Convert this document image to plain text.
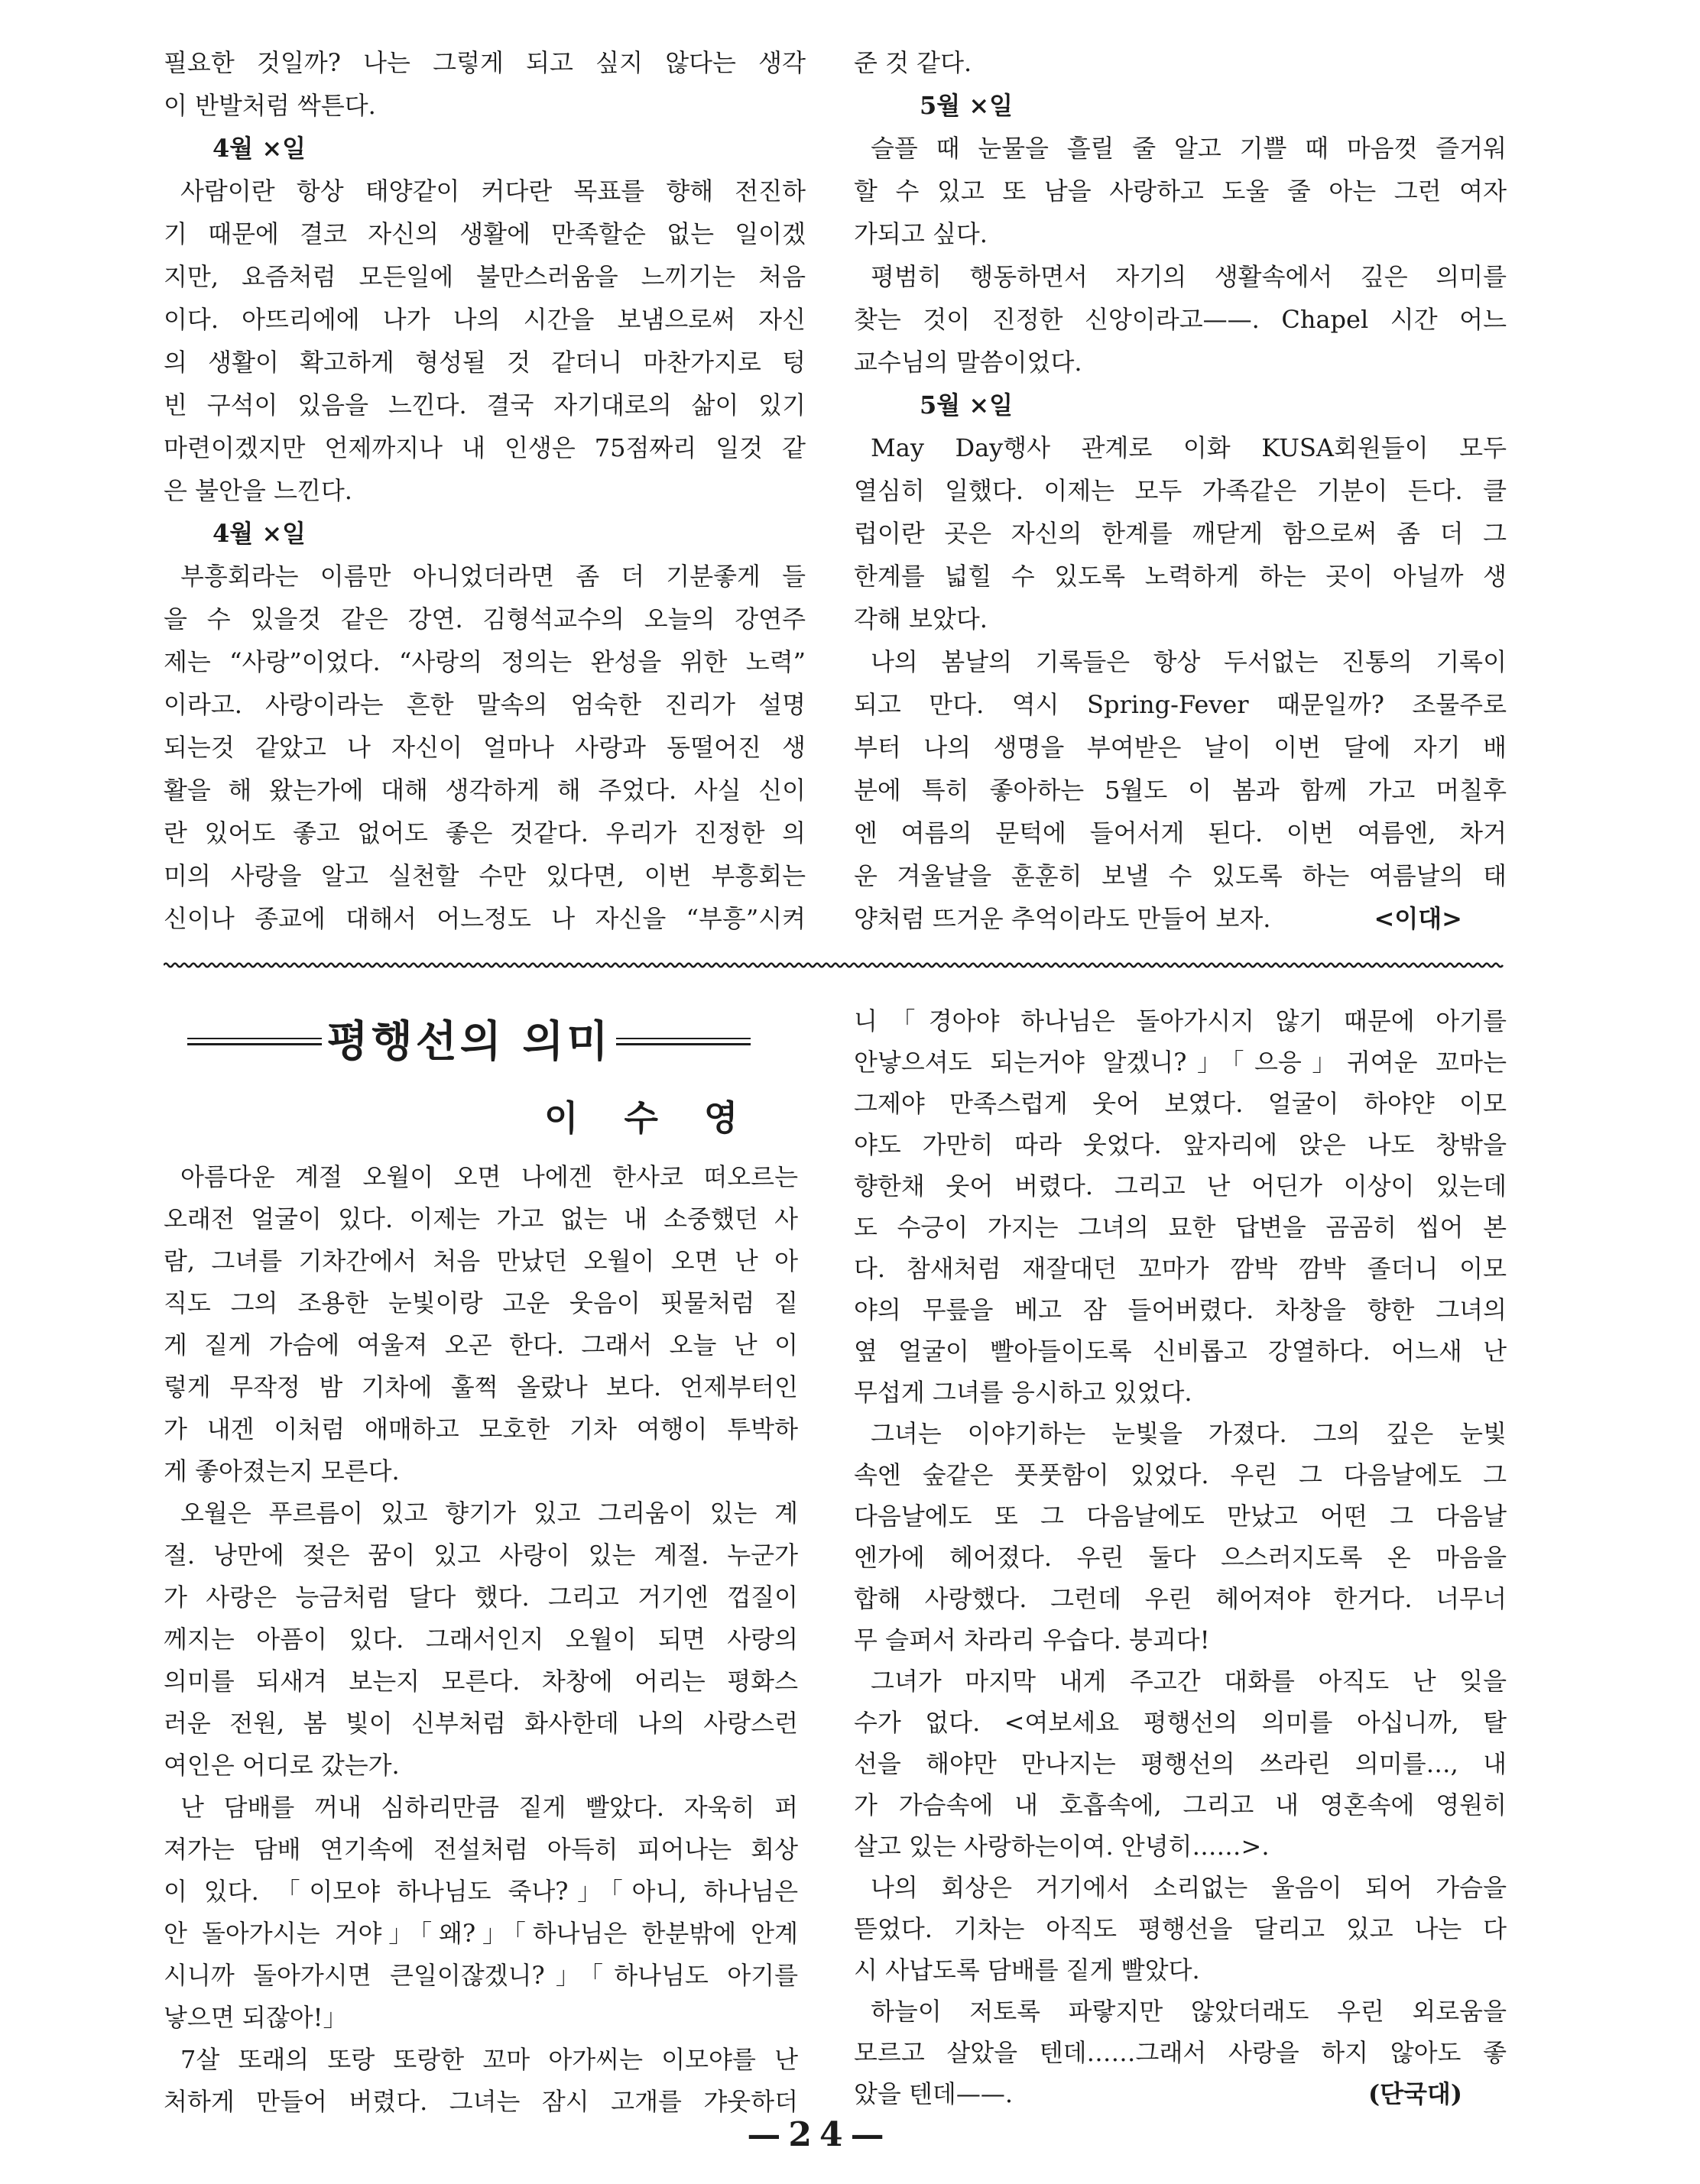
필요한 것일까? 나는 그렇게 되고 싶지 않다는 생각
이 반발처럼 싹튼다.
4월 ×일
사람이란 항상 태양같이 커다란 목표를 향해 전진하
기 때문에 결코 자신의 생활에 만족할순 없는 일이겠
지만, 요즘처럼 모든일에 불만스러움을 느끼기는 처음
이다. 아뜨리에에 나가 나의 시간을 보냄으로써 자신
의 생활이 확고하게 형성될 것 같더니 마찬가지로 텅
빈 구석이 있음을 느낀다. 결국 자기대로의 삶이 있기
마련이겠지만 언제까지나 내 인생은 75점짜리 일것 같
은 불안을 느낀다.
4월 ×일
부흥회라는 이름만 아니었더라면 좀 더 기분좋게 들
을 수 있을것 같은 강연. 김형석교수의 오늘의 강연주
제는 “사랑”이었다. “사랑의 정의는 완성을 위한 노력”
이라고. 사랑이라는 흔한 말속의 엄숙한 진리가 설명
되는것 같았고 나 자신이 얼마나 사랑과 동떨어진 생
활을 해 왔는가에 대해 생각하게 해 주었다. 사실 신이
란 있어도 좋고 없어도 좋은 것같다. 우리가 진정한 의
미의 사랑을 알고 실천할 수만 있다면, 이번 부흥회는
신이나 종교에 대해서 어느정도 나 자신을 “부흥”시켜
준 것 같다.
5월 ×일
슬플 때 눈물을 흘릴 줄 알고 기쁠 때 마음껏 즐거워
할 수 있고 또 남을 사랑하고 도울 줄 아는 그런 여자
가되고 싶다.
평범히 행동하면서 자기의 생활속에서 깊은 의미를
찾는 것이 진정한 신앙이라고——. Chapel 시간 어느
교수님의 말씀이었다.
5월 ×일
May Day행사 관계로 이화 KUSA회원들이 모두
열심히 일했다. 이제는 모두 가족같은 기분이 든다. 클
럽이란 곳은 자신의 한계를 깨닫게 함으로써 좀 더 그
한계를 넓힐 수 있도록 노력하게 하는 곳이 아닐까 생
각해 보았다.
나의 봄날의 기록들은 항상 두서없는 진통의 기록이
되고 만다. 역시 Spring-Fever 때문일까? 조물주로
부터 나의 생명을 부여받은 날이 이번 달에 자기 배
분에 특히 좋아하는 5월도 이 봄과 함께 가고 머칠후
엔 여름의 문턱에 들어서게 된다. 이번 여름엔, 차거
운 겨울날을 훈훈히 보낼 수 있도록 하는 여름날의 태
양처럼 뜨거운 추억이라도 만들어 보자.	<이대>
평행선의 의미
이 수 영
아름다운 계절 오월이 오면 나에겐 한사코 떠오르는
오래전 얼굴이 있다. 이제는 가고 없는 내 소중했던 사
람, 그녀를 기차간에서 처음 만났던 오월이 오면 난 아
직도 그의 조용한 눈빛이랑 고운 웃음이 핏물처럼 짙
게 짙게 가슴에 여울져 오곤 한다. 그래서 오늘 난 이
렇게 무작정 밤 기차에 훌쩍 올랐나 보다. 언제부터인
가 내겐 이처럼 애매하고 모호한 기차 여행이 투박하
게 좋아졌는지 모른다.
오월은 푸르름이 있고 향기가 있고 그리움이 있는 계
절. 낭만에 젖은 꿈이 있고 사랑이 있는 계절. 누군가
가 사랑은 능금처럼 달다 했다. 그리고 거기엔 껍질이
께지는 아픔이 있다. 그래서인지 오월이 되면 사랑의
의미를 되새겨 보는지 모른다. 차창에 어리는 평화스
러운 전원, 봄 빛이 신부처럼 화사한데 나의 사랑스런
여인은 어디로 갔는가.
난 담배를 꺼내 심하리만큼 짙게 빨았다. 자욱히 퍼
져가는 담배 연기속에 전설처럼 아득히 피어나는 회상
이 있다. 「이모야 하나님도 죽나?」「아니, 하나님은
안 돌아가시는 거야」「왜?」「하나님은 한분밖에 안계
시니까 돌아가시면 큰일이잖겠니?」「하나님도 아기를
낳으면 되잖아!」
7살 또래의 또랑 또랑한 꼬마 아가씨는 이모야를 난
처하게 만들어 버렸다. 그녀는 잠시 고개를 갸웃하더
니「경아야 하나님은 돌아가시지 않기 때문에 아기를
안낳으셔도 되는거야 알겠니?」「으응」귀여운 꼬마는
그제야 만족스럽게 웃어 보였다. 얼굴이 하야얀 이모
야도 가만히 따라 웃었다. 앞자리에 앉은 나도 창밖을
향한채 웃어 버렸다. 그리고 난 어딘가 이상이 있는데
도 수긍이 가지는 그녀의 묘한 답변을 곰곰히 씹어 본
다. 참새처럼 재잘대던 꼬마가 깜박 깜박 졸더니 이모
야의 무릎을 베고 잠 들어버렸다. 차창을 향한 그녀의
옆 얼굴이 빨아들이도록 신비롭고 강열하다. 어느새 난
무섭게 그녀를 응시하고 있었다.
그녀는 이야기하는 눈빛을 가졌다. 그의 깊은 눈빛
속엔 숲같은 풋풋함이 있었다. 우린 그 다음날에도 그
다음날에도 또 그 다음날에도 만났고 어떤 그 다음날
엔가에 헤어졌다. 우린 둘다 으스러지도록 온 마음을
합해 사랑했다. 그런데 우린 헤어져야 한거다. 너무너
무 슬퍼서 차라리 우습다. 붕괴다!
그녀가 마지막 내게 주고간 대화를 아직도 난 잊을
수가 없다. <여보세요 평행선의 의미를 아십니까, 탈
선을 해야만 만나지는 평행선의 쓰라린 의미를…, 내
가 가슴속에 내 호흡속에, 그리고 내 영혼속에 영원히
살고 있는 사랑하는이여. 안녕히……>.
나의 회상은 거기에서 소리없는 울음이 되어 가슴을
뜯었다. 기차는 아직도 평행선을 달리고 있고 나는 다
시 사납도록 담배를 짙게 빨았다.
하늘이 저토록 파랗지만 않았더래도 우린 외로움을
모르고 살았을 텐데……그래서 사랑을 하지 않아도 좋
았을 텐데——.	(단국대)
—24—
